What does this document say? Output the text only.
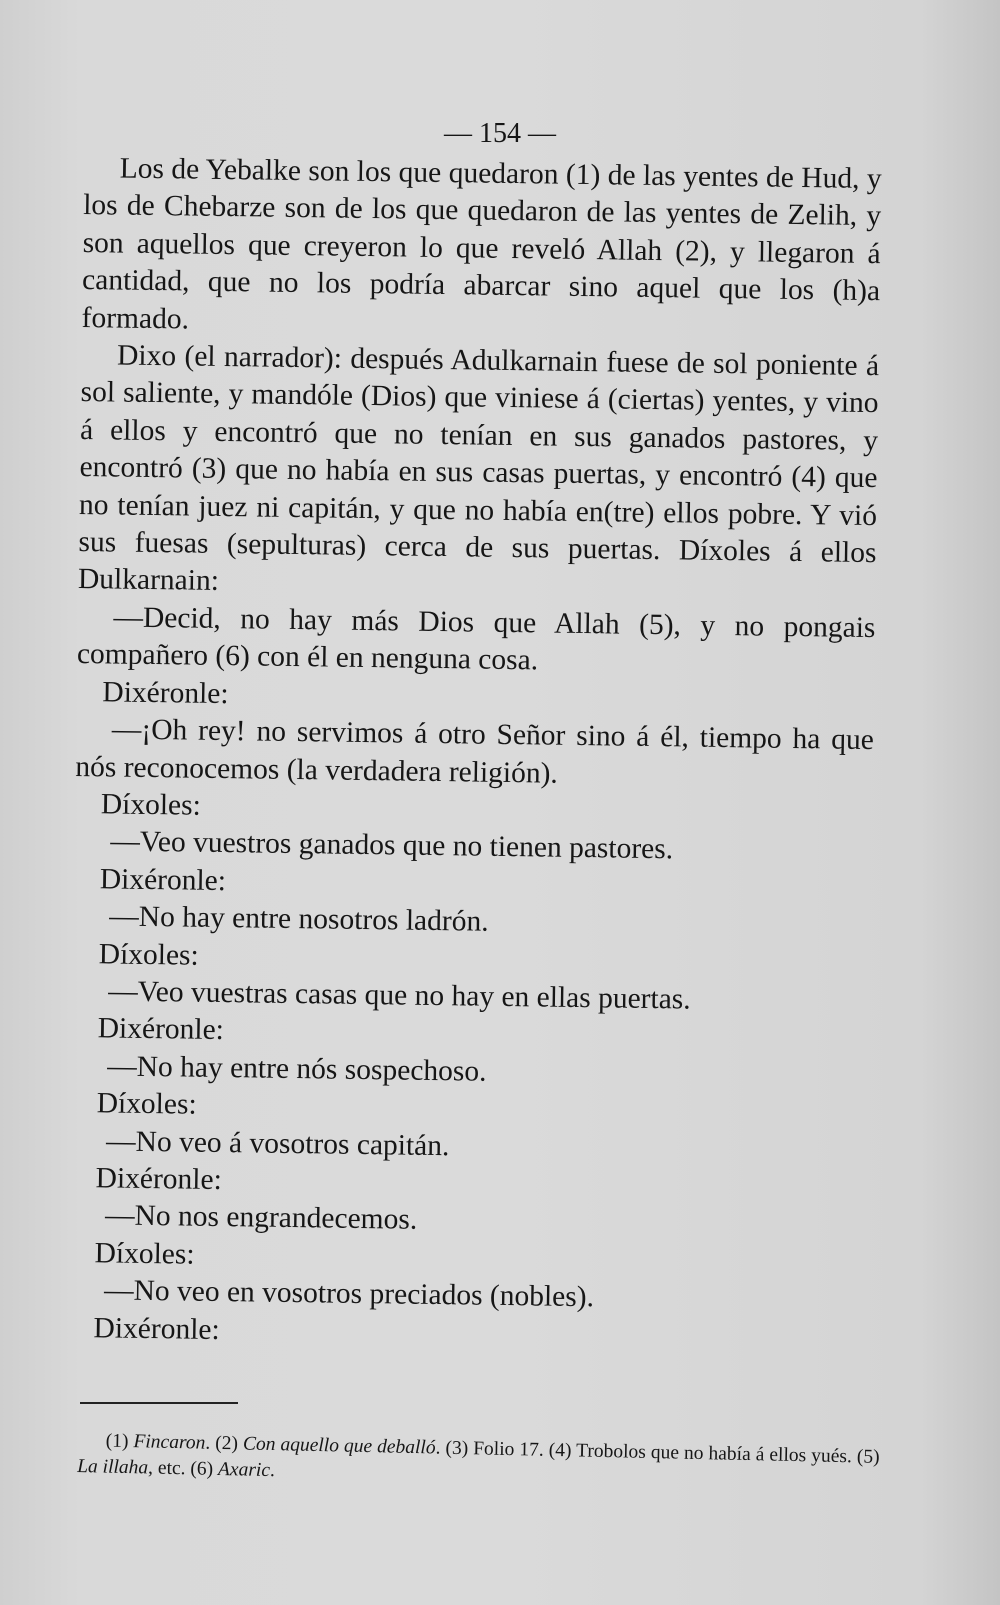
— 154 —

Los de Yebalke son los que quedaron (1) de las yentes de Hud, y los de Chebarze son de los que quedaron de las yentes de Zelih, y son aquellos que creyeron lo que reveló Allah (2), y llegaron á cantidad, que no los podría abarcar sino aquel que los (h)a formado.

Dixo (el narrador): después Adulkarnain fuese de sol poniente á sol saliente, y mandóle (Dios) que viniese á (ciertas) yentes, y vino á ellos y encontró que no tenían en sus ganados pastores, y encontró (3) que no había en sus casas puertas, y encontró (4) que no tenían juez ni capitán, y que no había en(tre) ellos pobre. Y vió sus fuesas (sepulturas) cerca de sus puertas. Díxoles á ellos Dulkarnain:

—Decid, no hay más Dios que Allah (5), y no pongais compañero (6) con él en nenguna cosa.

Dixéronle:

—¡Oh rey! no servimos á otro Señor sino á él, tiempo ha que nós reconocemos (la verdadera religión).

Díxoles:

—Veo vuestros ganados que no tienen pastores.

Dixéronle:

—No hay entre nosotros ladrón.

Díxoles:

—Veo vuestras casas que no hay en ellas puertas.

Dixéronle:

—No hay entre nós sospechoso.

Díxoles:

—No veo á vosotros capitán.

Dixéronle:

—No nos engrandecemos.

Díxoles:

—No veo en vosotros preciados (nobles).

Dixéronle:

(1) Fincaron. (2) Con aquello que deballó. (3) Folio 17. (4) Trobolos que no había á ellos yués. (5) La illaha, etc. (6) Axaric.
